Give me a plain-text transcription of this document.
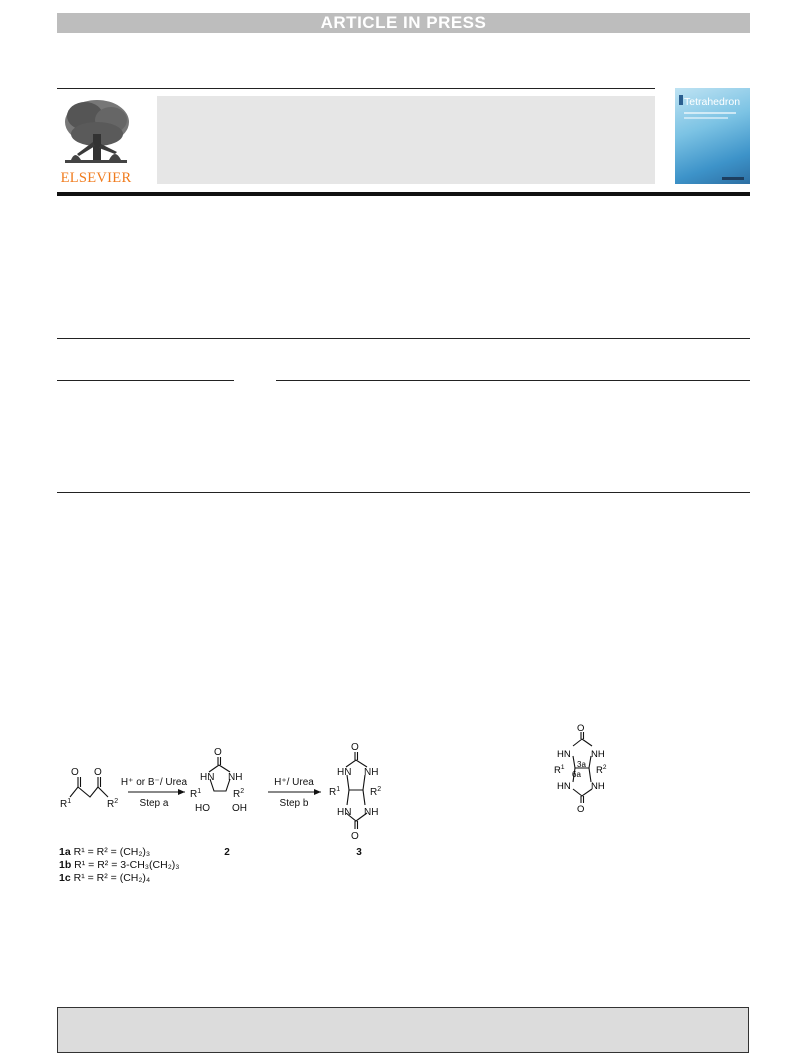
ARTICLE IN PRESS
ELSEVIER
Tetrahedron
O O
$R^1$	$R^2$
H⁺ or B⁻/ Urea
Step a
O
HN NH
$R^1$	$R^2$
HO OH
H⁺/ Urea
Step b
O
HN NH
$R^1$	$R^2$
HN NH
O
2	3
1a R¹ = R² = (CH₂)₃
1b R¹ = R² = 3-CH₃(CH₂)₃
1c R¹ = R² = (CH₂)₄
O
HN NH
$R^1$	$R^2$
3a
6a
HN NH
O
